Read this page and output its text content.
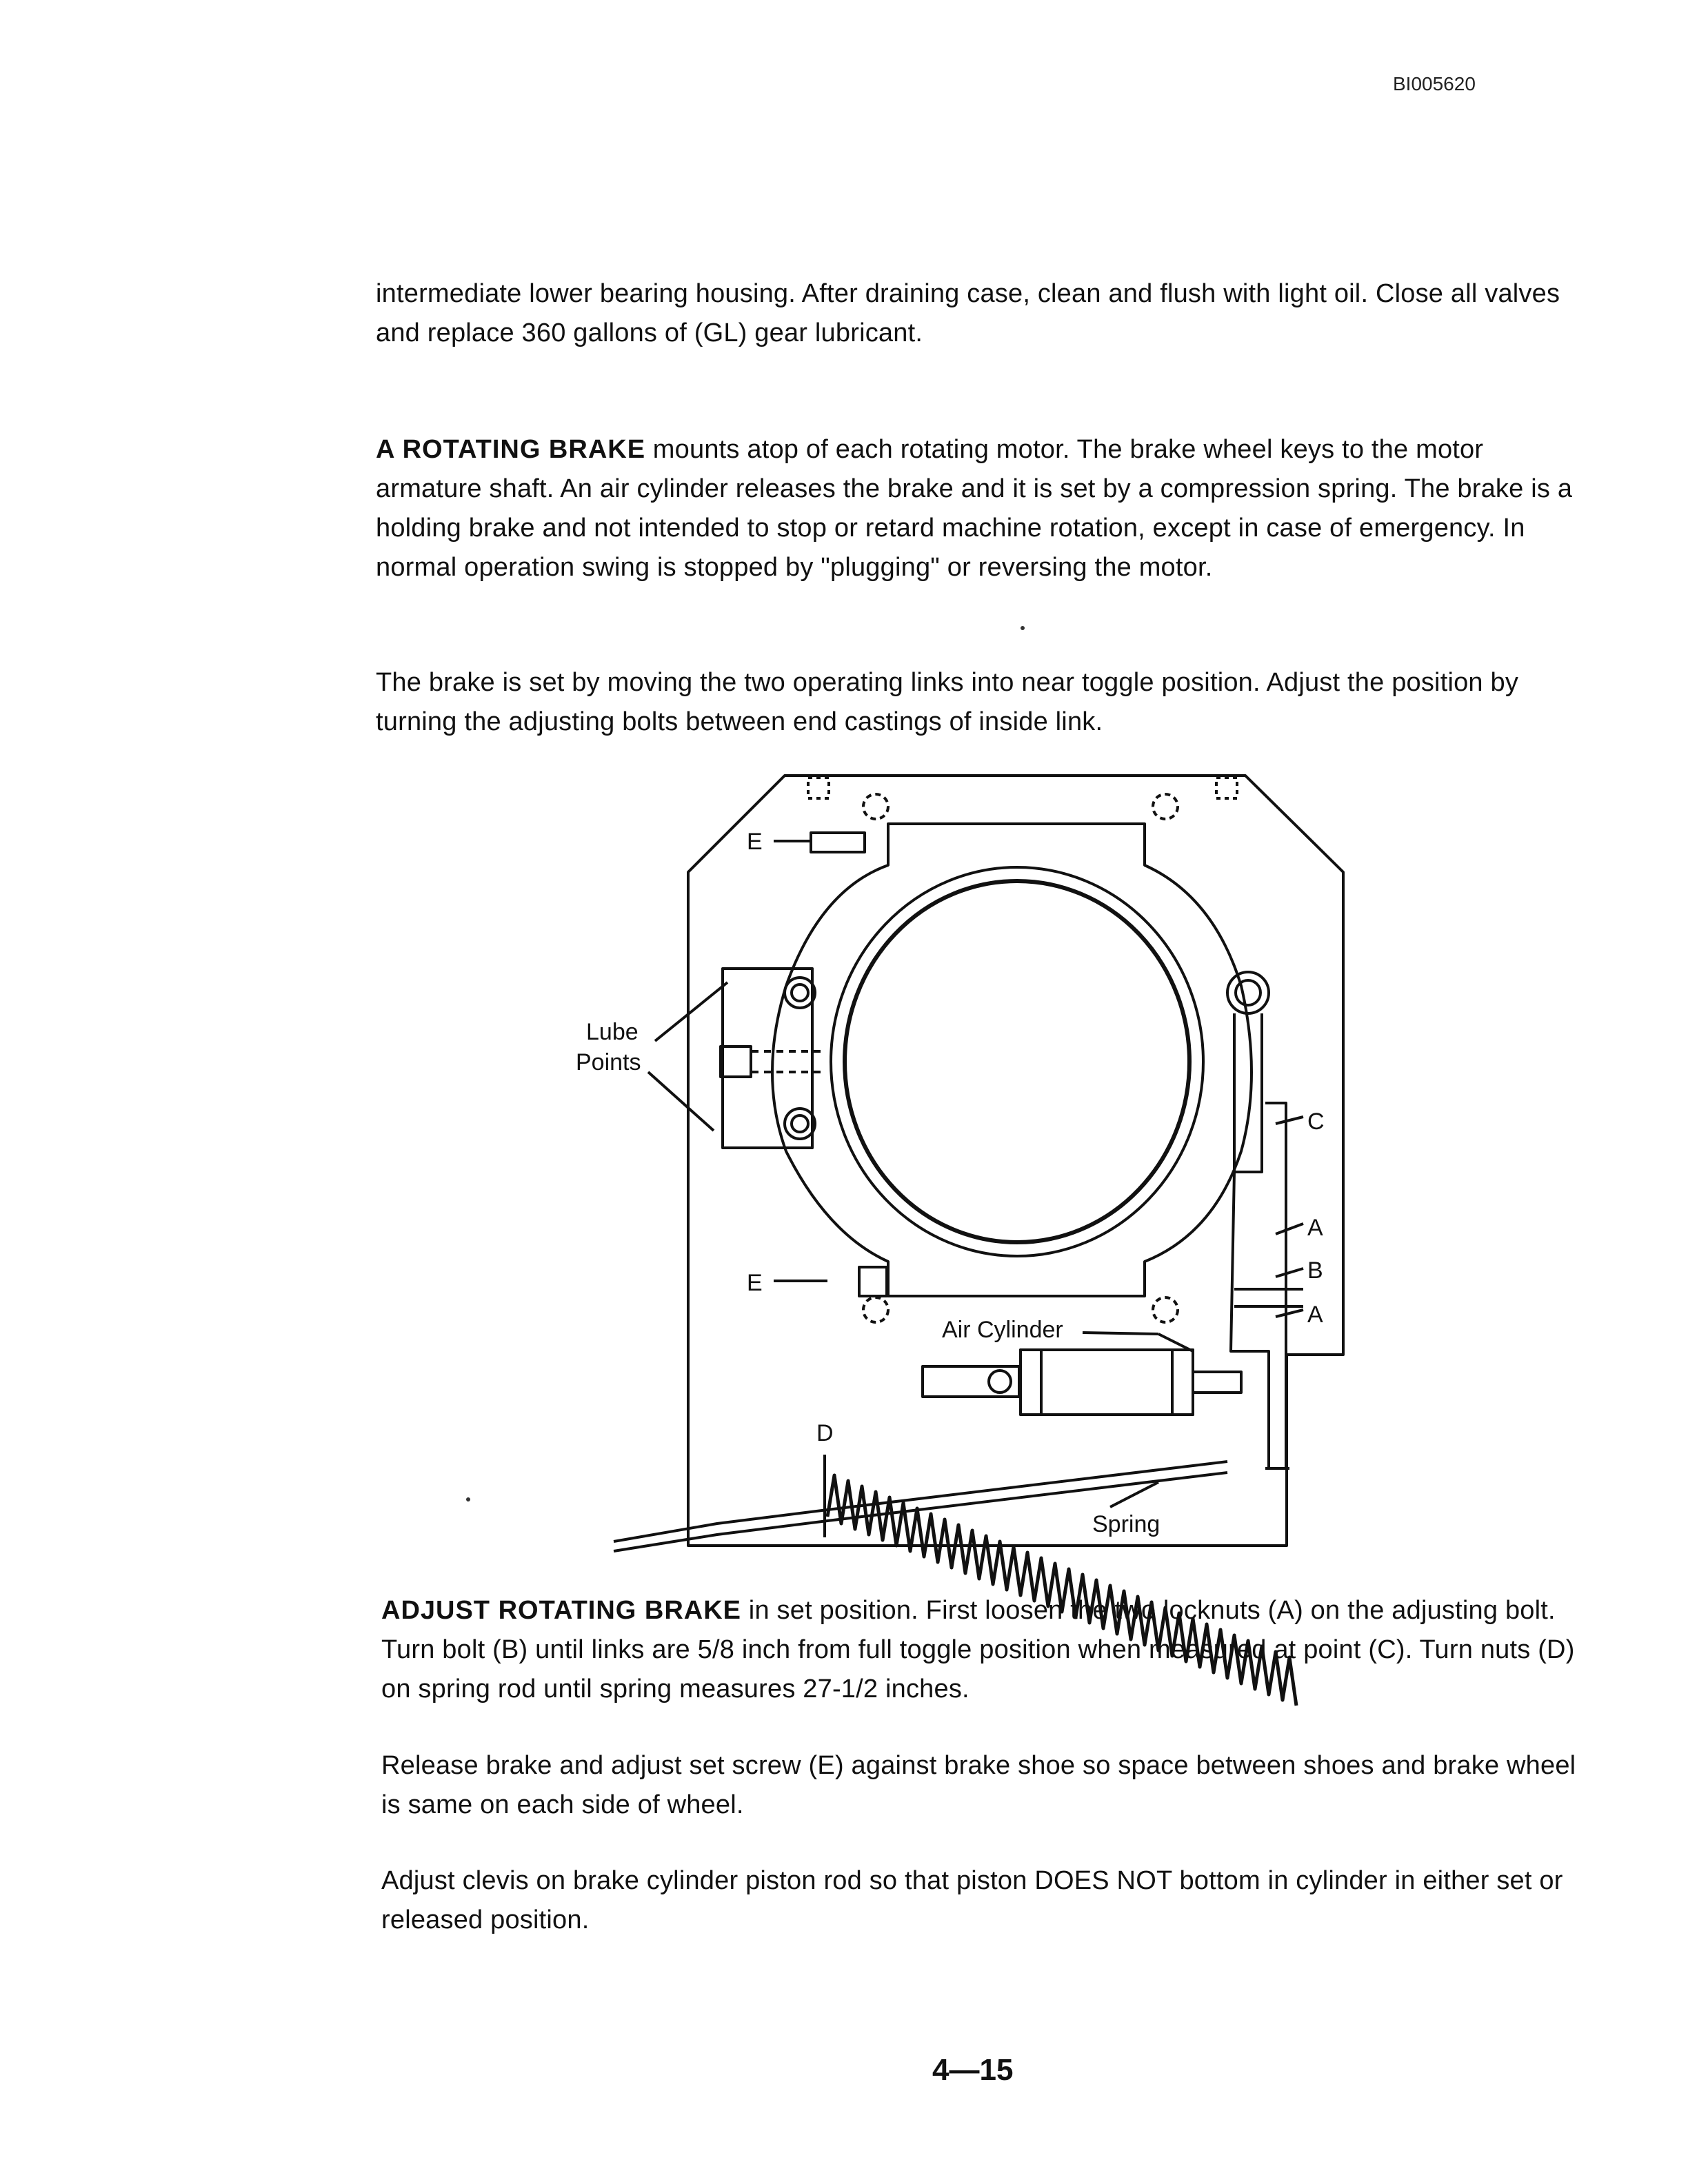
BI005620
intermediate lower bearing housing. After draining case, clean and flush with light oil. Close all valves and replace 360 gallons of (GL) gear lubricant.
A ROTATING BRAKE mounts atop of each rotating motor. The brake wheel keys to the motor armature shaft. An air cylinder releases the brake and it is set by a compression spring. The brake is a holding brake and not intended to stop or retard machine rotation, except in case of emergency. In normal operation swing is stopped by "plugging" or reversing the motor.
The brake is set by moving the two operating links into near toggle position. Adjust the position by turning the adjusting bolts between end castings of inside link.
Lube
Points
E
E
C
A
B
A
Air Cylinder
D
Spring
ADJUST ROTATING BRAKE in set position. First loosen the two locknuts (A) on the adjusting bolt. Turn bolt (B) until links are 5/8 inch from full toggle position when measured at point (C). Turn nuts (D) on spring rod until spring measures 27-1/2 inches.
Release brake and adjust set screw (E) against brake shoe so space between shoes and brake wheel is same on each side of wheel.
Adjust clevis on brake cylinder piston rod so that piston DOES NOT bottom in cylinder in either set or released position.
4—15
